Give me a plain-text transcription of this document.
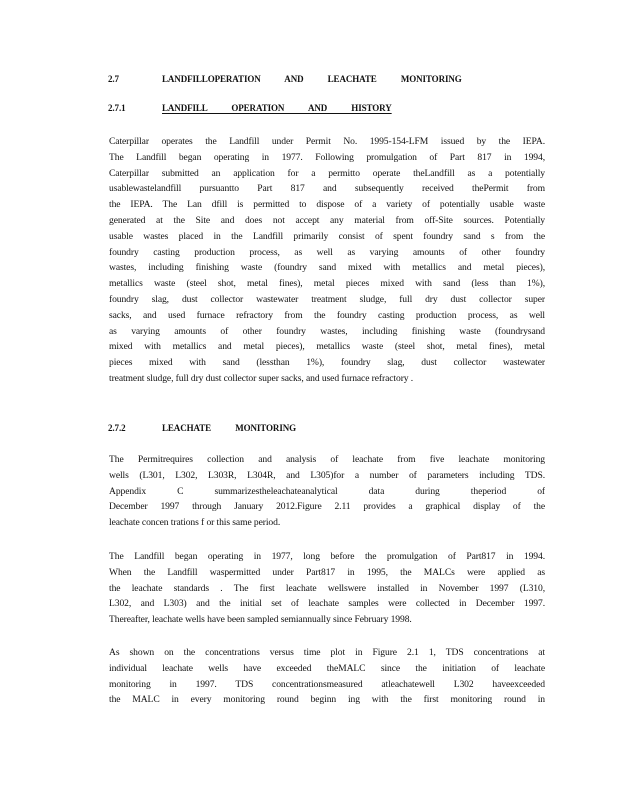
2.7	LANDFILLOPERATION AND LEACHATE MONITORING
2.7.1	LANDFILL OPERATION AND HISTORY
Caterpillar operates the Landfill under Permit No. 1995-154-LFM issued by the IEPA.
The Landfill began operating in 1977. Following promulgation of Part 817 in 1994,
Caterpillar submitted an application for a permitto operate theLandfill as a potentially
usablewastelandfill pursuantto Part 817 and subsequently received thePermit from
the IEPA. The Lan dfill is permitted to dispose of a variety of potentially usable waste
generated at the Site and does not accept any material from off-Site sources. Potentially
usable wastes placed in the Landfill primarily consist of spent foundry sand s from the
foundry casting production process, as well as varying amounts of other foundry
wastes, including finishing waste (foundry sand mixed with metallics and metal pieces),
metallics waste (steel shot, metal fines), metal pieces mixed with sand (less than 1%),
foundry slag, dust collector wastewater treatment sludge, full dry dust collector super
sacks, and used furnace refractory from the foundry casting production process, as well
as varying amounts of other foundry wastes, including finishing waste (foundrysand
mixed with metallics and metal pieces), metallics waste (steel shot, metal fines), metal
pieces mixed with sand (lessthan 1%), foundry slag, dust collector wastewater
treatment sludge, full dry dust collector super sacks, and used furnace refractory .
2.7.2	LEACHATE MONITORING
The Permitrequires collection and analysis of leachate from five leachate monitoring
wells (L301, L302, L303R, L304R, and L305)for a number of parameters including TDS.
Appendix C summarizestheleachateanalytical data during theperiod of
December 1997 through January 2012.Figure 2.11 provides a graphical display of the
leachate concen trations f or this same period.
The Landfill began operating in 1977, long before the promulgation of Part817 in 1994.
When the Landfill waspermitted under Part817 in 1995, the MALCs were applied as
the leachate standards . The first leachate wellswere installed in November 1997 (L310,
L302, and L303) and the initial set of leachate samples were collected in December 1997.
Thereafter, leachate wells have been sampled semiannually since February 1998.
As shown on the concentrations versus time plot in Figure 2.1 1, TDS concentrations at
individual leachate wells have exceeded theMALC since the initiation of leachate
monitoring in 1997. TDS concentrationsmeasured atleachatewell L302 haveexceeded
the MALC in every monitoring round beginn ing with the first monitoring round in
